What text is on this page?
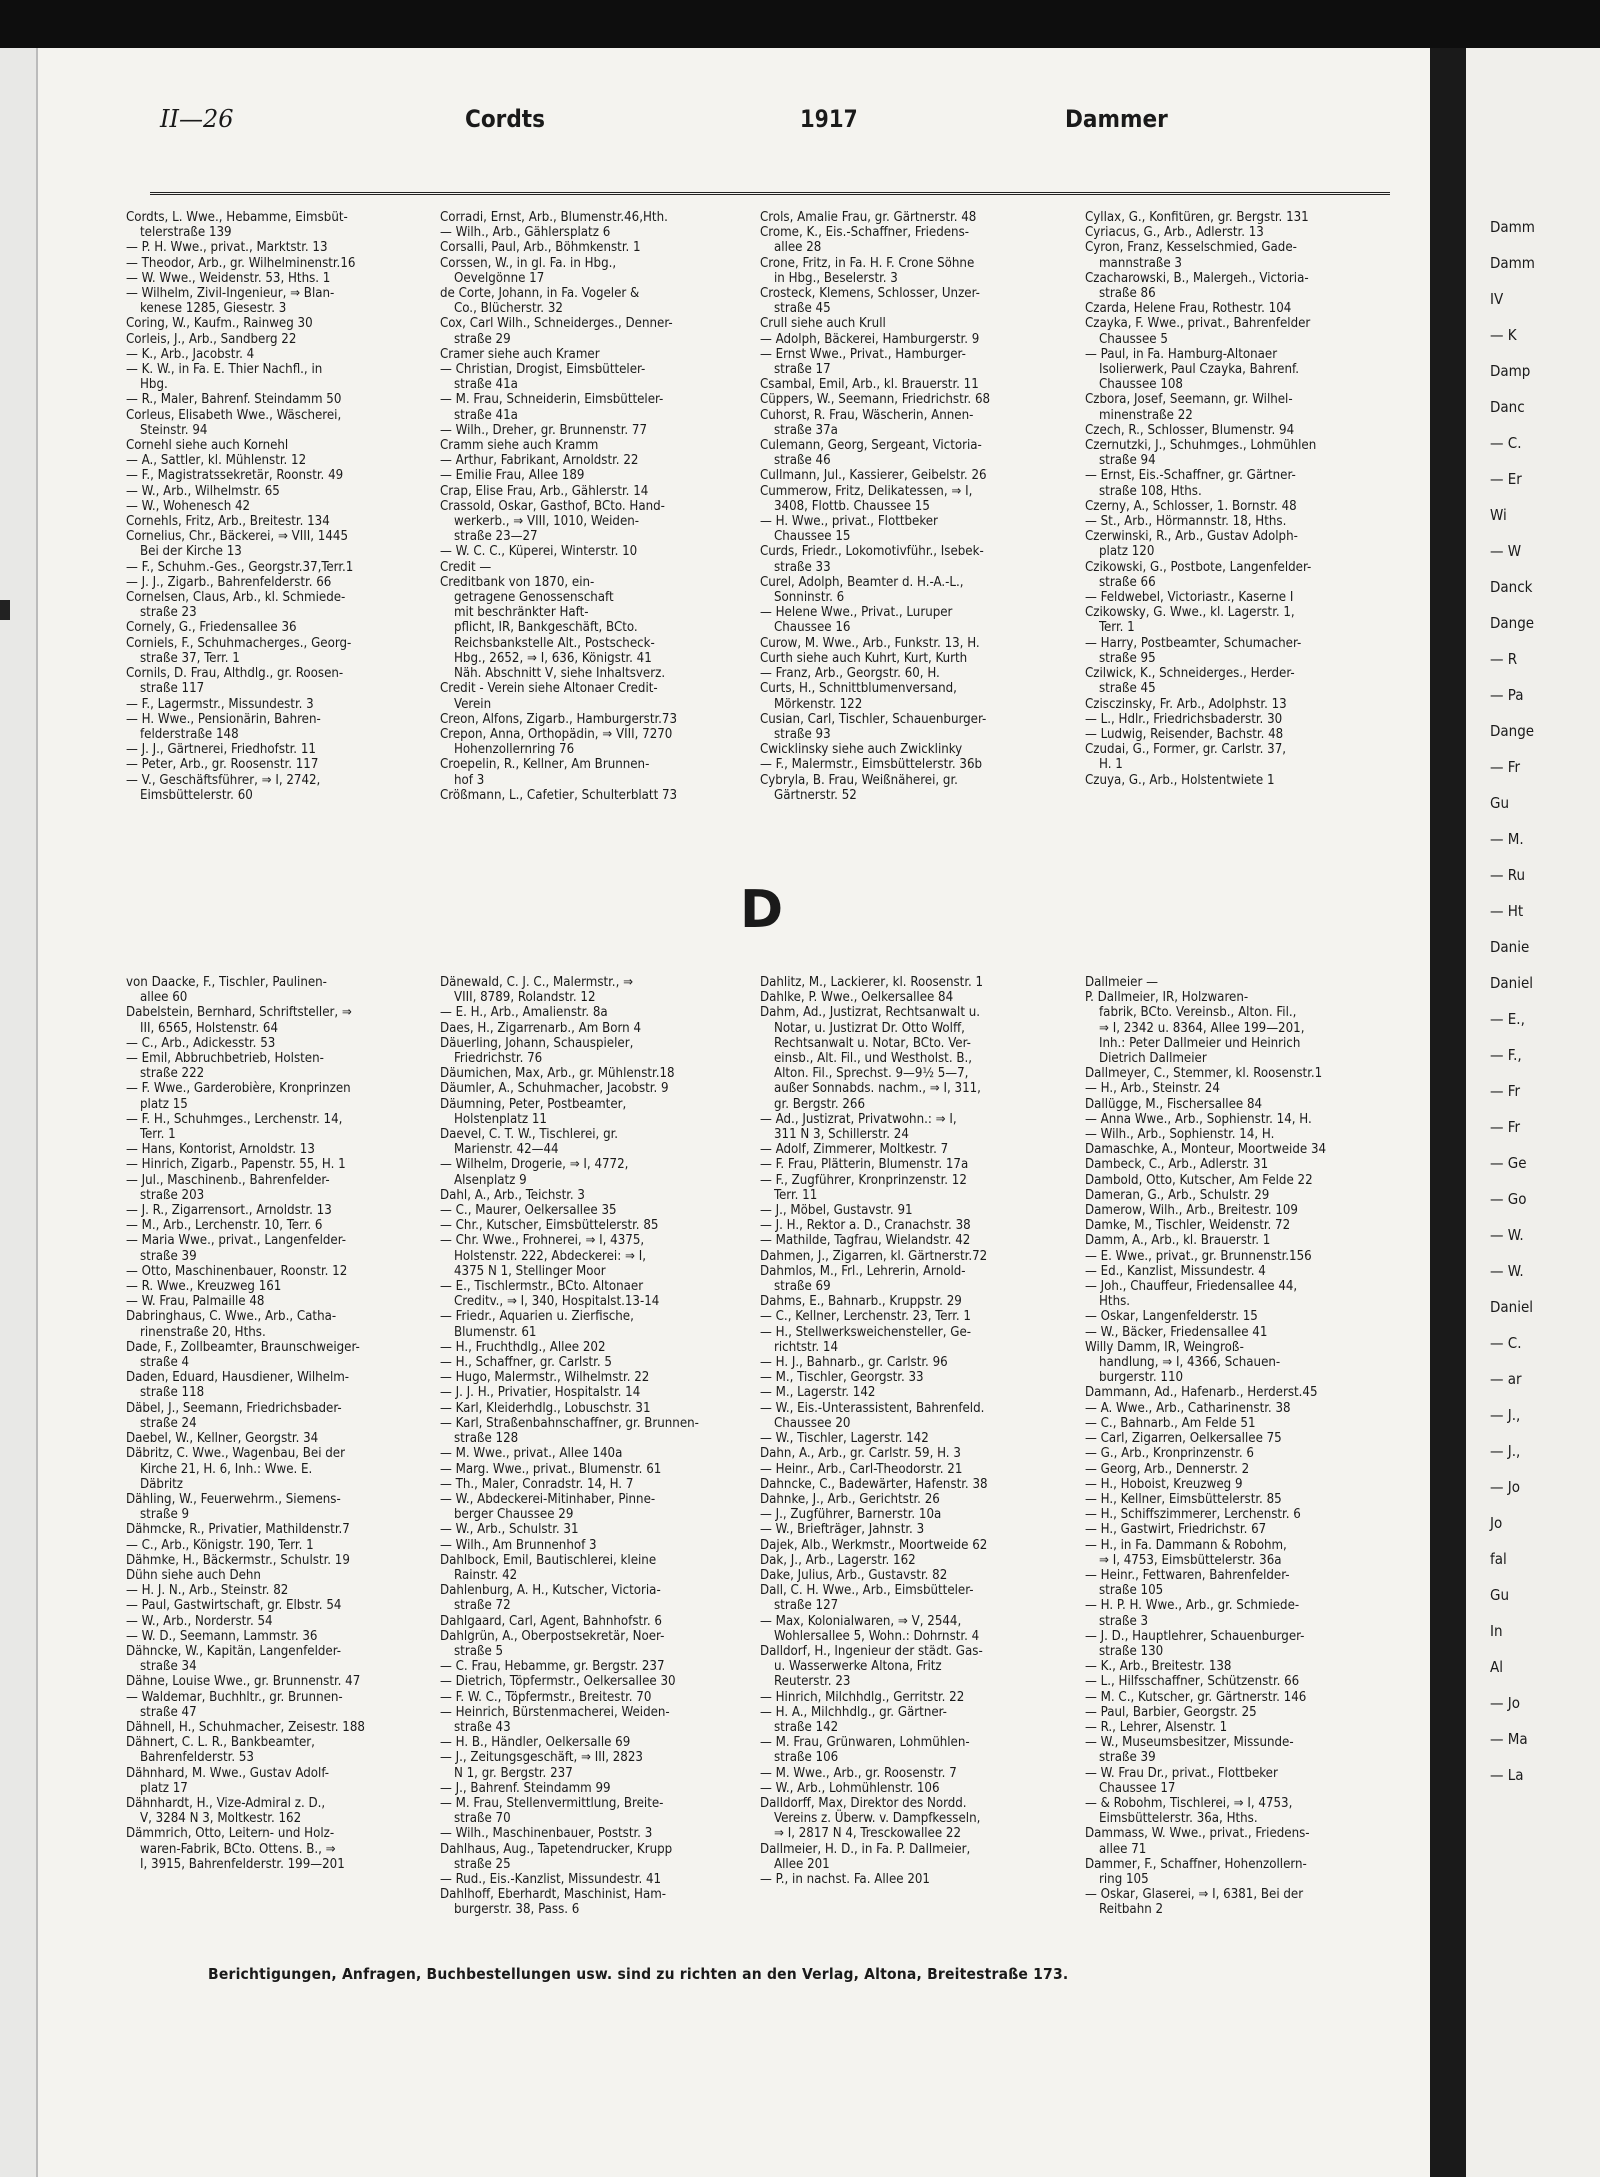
Damm
Damm
IV
— K
Damp
Danc
— C.
— Er
Wi
— W
Danck
Dange
— R
— Pa
Dange
— Fr
Gu
— M.
— Ru
— Ht
Danie
Daniel
— E.,
— F.,
— Fr
— Fr
— Ge
— Go
— W.
— W.
Daniel
— C.
— ar
— J.,
— J.,
— Jo
Jo
fal
Gu
In
Al
— Jo
— Ma
— La
II—26	Cordts	1917	Dammer
Cordts, L. Wwe., Hebamme, Eimsbüt-
telerstraße 139
— P. H. Wwe., privat., Marktstr. 13
— Theodor, Arb., gr. Wilhelminenstr.16
— W. Wwe., Weidenstr. 53, Hths. 1
— Wilhelm, Zivil-Ingenieur, ⇒ Blan-
kenese 1285, Giesestr. 3
Coring, W., Kaufm., Rainweg 30
Corleis, J., Arb., Sandberg 22
— K., Arb., Jacobstr. 4
— K. W., in Fa. E. Thier Nachfl., in
Hbg.
— R., Maler, Bahrenf. Steindamm 50
Corleus, Elisabeth Wwe., Wäscherei,
Steinstr. 94
Cornehl siehe auch Kornehl
— A., Sattler, kl. Mühlenstr. 12
— F., Magistratssekretär, Roonstr. 49
— W., Arb., Wilhelmstr. 65
— W., Wohenesch 42
Cornehls, Fritz, Arb., Breitestr. 134
Cornelius, Chr., Bäckerei, ⇒ VIII, 1445
Bei der Kirche 13
— F., Schuhm.-Ges., Georgstr.37,Terr.1
— J. J., Zigarb., Bahrenfelderstr. 66
Cornelsen, Claus, Arb., kl. Schmiede-
straße 23
Cornely, G., Friedensallee 36
Corniels, F., Schuhmacherges., Georg-
straße 37, Terr. 1
Cornils, D. Frau, Althdlg., gr. Roosen-
straße 117
— F., Lagermstr., Missundestr. 3
— H. Wwe., Pensionärin, Bahren-
felderstraße 148
— J. J., Gärtnerei, Friedhofstr. 11
— Peter, Arb., gr. Roosenstr. 117
— V., Geschäftsführer, ⇒ I, 2742,
Eimsbüttelerstr. 60
Corradi, Ernst, Arb., Blumenstr.46,Hth.
— Wilh., Arb., Gählersplatz 6
Corsalli, Paul, Arb., Böhmkenstr. 1
Corssen, W., in gl. Fa. in Hbg.,
Oevelgönne 17
de Corte, Johann, in Fa. Vogeler &
Co., Blücherstr. 32
Cox, Carl Wilh., Schneiderges., Denner-
straße 29
Cramer siehe auch Kramer
— Christian, Drogist, Eimsbütteler-
straße 41a
— M. Frau, Schneiderin, Eimsbütteler-
straße 41a
— Wilh., Dreher, gr. Brunnenstr. 77
Cramm siehe auch Kramm
— Arthur, Fabrikant, Arnoldstr. 22
— Emilie Frau, Allee 189
Crap, Elise Frau, Arb., Gählerstr. 14
Crassold, Oskar, Gasthof, BCto. Hand-
werkerb., ⇒ VIII, 1010, Weiden-
straße 23—27
— W. C. C., Küperei, Winterstr. 10
Credit —
Creditbank von 1870, ein-
getragene Genossenschaft
mit beschränkter Haft-
pflicht, IR, Bankgeschäft, BCto.
Reichsbankstelle Alt., Postscheck-
Hbg., 2652, ⇒ I, 636, Königstr. 41
Näh. Abschnitt V, siehe Inhaltsverz.
Credit - Verein siehe Altonaer Credit-
Verein
Creon, Alfons, Zigarb., Hamburgerstr.73
Crepon, Anna, Orthopädin, ⇒ VIII, 7270
Hohenzollernring 76
Croepelin, R., Kellner, Am Brunnen-
hof 3
Crößmann, L., Cafetier, Schulterblatt 73
Crols, Amalie Frau, gr. Gärtnerstr. 48
Crome, K., Eis.-Schaffner, Friedens-
allee 28
Crone, Fritz, in Fa. H. F. Crone Söhne
in Hbg., Beselerstr. 3
Crosteck, Klemens, Schlosser, Unzer-
straße 45
Crull siehe auch Krull
— Adolph, Bäckerei, Hamburgerstr. 9
— Ernst Wwe., Privat., Hamburger-
straße 17
Csambal, Emil, Arb., kl. Brauerstr. 11
Cüppers, W., Seemann, Friedrichstr. 68
Cuhorst, R. Frau, Wäscherin, Annen-
straße 37a
Culemann, Georg, Sergeant, Victoria-
straße 46
Cullmann, Jul., Kassierer, Geibelstr. 26
Cummerow, Fritz, Delikatessen, ⇒ I,
3408, Flottb. Chaussee 15
— H. Wwe., privat., Flottbeker
Chaussee 15
Curds, Friedr., Lokomotivführ., Isebek-
straße 33
Curel, Adolph, Beamter d. H.-A.-L.,
Sonninstr. 6
— Helene Wwe., Privat., Luruper
Chaussee 16
Curow, M. Wwe., Arb., Funkstr. 13, H.
Curth siehe auch Kuhrt, Kurt, Kurth
— Franz, Arb., Georgstr. 60, H.
Curts, H., Schnittblumenversand,
Mörkenstr. 122
Cusian, Carl, Tischler, Schauenburger-
straße 93
Cwicklinsky siehe auch Zwicklinky
— F., Malermstr., Eimsbüttelerstr. 36b
Cybryla, B. Frau, Weißnäherei, gr.
Gärtnerstr. 52
Cyllax, G., Konfitüren, gr. Bergstr. 131
Cyriacus, G., Arb., Adlerstr. 13
Cyron, Franz, Kesselschmied, Gade-
mannstraße 3
Czacharowski, B., Malergeh., Victoria-
straße 86
Czarda, Helene Frau, Rothestr. 104
Czayka, F. Wwe., privat., Bahrenfelder
Chaussee 5
— Paul, in Fa. Hamburg-Altonaer
Isolierwerk, Paul Czayka, Bahrenf.
Chaussee 108
Czbora, Josef, Seemann, gr. Wilhel-
minenstraße 22
Czech, R., Schlosser, Blumenstr. 94
Czernutzki, J., Schuhmges., Lohmühlen
straße 94
— Ernst, Eis.-Schaffner, gr. Gärtner-
straße 108, Hths.
Czerny, A., Schlosser, 1. Bornstr. 48
— St., Arb., Hörmannstr. 18, Hths.
Czerwinski, R., Arb., Gustav Adolph-
platz 120
Czikowski, G., Postbote, Langenfelder-
straße 66
— Feldwebel, Victoriastr., Kaserne I
Czikowsky, G. Wwe., kl. Lagerstr. 1,
Terr. 1
— Harry, Postbeamter, Schumacher-
straße 95
Czilwick, K., Schneiderges., Herder-
straße 45
Czisczinsky, Fr. Arb., Adolphstr. 13
— L., Hdlr., Friedrichsbaderstr. 30
— Ludwig, Reisender, Bachstr. 48
Czudai, G., Former, gr. Carlstr. 37,
H. 1
Czuya, G., Arb., Holstentwiete 1
D
von Daacke, F., Tischler, Paulinen-
allee 60
Dabelstein, Bernhard, Schriftsteller, ⇒
III, 6565, Holstenstr. 64
— C., Arb., Adickesstr. 53
— Emil, Abbruchbetrieb, Holsten-
straße 222
— F. Wwe., Garderobière, Kronprinzen
platz 15
— F. H., Schuhmges., Lerchenstr. 14,
Terr. 1
— Hans, Kontorist, Arnoldstr. 13
— Hinrich, Zigarb., Papenstr. 55, H. 1
— Jul., Maschinenb., Bahrenfelder-
straße 203
— J. R., Zigarrensort., Arnoldstr. 13
— M., Arb., Lerchenstr. 10, Terr. 6
— Maria Wwe., privat., Langenfelder-
straße 39
— Otto, Maschinenbauer, Roonstr. 12
— R. Wwe., Kreuzweg 161
— W. Frau, Palmaille 48
Dabringhaus, C. Wwe., Arb., Catha-
rinenstraße 20, Hths.
Dade, F., Zollbeamter, Braunschweiger-
straße 4
Daden, Eduard, Hausdiener, Wilhelm-
straße 118
Däbel, J., Seemann, Friedrichsbader-
straße 24
Daebel, W., Kellner, Georgstr. 34
Däbritz, C. Wwe., Wagenbau, Bei der
Kirche 21, H. 6, Inh.: Wwe. E.
Däbritz
Dähling, W., Feuerwehrm., Siemens-
straße 9
Dähmcke, R., Privatier, Mathildenstr.7
— C., Arb., Königstr. 190, Terr. 1
Dähmke, H., Bäckermstr., Schulstr. 19
Dühn siehe auch Dehn
— H. J. N., Arb., Steinstr. 82
— Paul, Gastwirtschaft, gr. Elbstr. 54
— W., Arb., Norderstr. 54
— W. D., Seemann, Lammstr. 36
Dähncke, W., Kapitän, Langenfelder-
straße 34
Dähne, Louise Wwe., gr. Brunnenstr. 47
— Waldemar, Buchhltr., gr. Brunnen-
straße 47
Dähnell, H., Schuhmacher, Zeisestr. 188
Dähnert, C. L. R., Bankbeamter,
Bahrenfelderstr. 53
Dähnhard, M. Wwe., Gustav Adolf-
platz 17
Dähnhardt, H., Vize-Admiral z. D.,
V, 3284 N 3, Moltkestr. 162
Dämmrich, Otto, Leitern- und Holz-
waren-Fabrik, BCto. Ottens. B., ⇒
I, 3915, Bahrenfelderstr. 199—201
Dänewald, C. J. C., Malermstr., ⇒
VIII, 8789, Rolandstr. 12
— E. H., Arb., Amalienstr. 8a
Daes, H., Zigarrenarb., Am Born 4
Däuerling, Johann, Schauspieler,
Friedrichstr. 76
Däumichen, Max, Arb., gr. Mühlenstr.18
Däumler, A., Schuhmacher, Jacobstr. 9
Däumning, Peter, Postbeamter,
Holstenplatz 11
Daevel, C. T. W., Tischlerei, gr.
Marienstr. 42—44
— Wilhelm, Drogerie, ⇒ I, 4772,
Alsenplatz 9
Dahl, A., Arb., Teichstr. 3
— C., Maurer, Oelkersallee 35
— Chr., Kutscher, Eimsbüttelerstr. 85
— Chr. Wwe., Frohnerei, ⇒ I, 4375,
Holstenstr. 222, Abdeckerei: ⇒ I,
4375 N 1, Stellinger Moor
— E., Tischlermstr., BCto. Altonaer
Creditv., ⇒ I, 340, Hospitalst.13-14
— Friedr., Aquarien u. Zierfische,
Blumenstr. 61
— H., Fruchthdlg., Allee 202
— H., Schaffner, gr. Carlstr. 5
— Hugo, Malermstr., Wilhelmstr. 22
— J. J. H., Privatier, Hospitalstr. 14
— Karl, Kleiderhdlg., Lobuschstr. 31
— Karl, Straßenbahnschaffner, gr. Brunnen-
straße 128
— M. Wwe., privat., Allee 140a
— Marg. Wwe., privat., Blumenstr. 61
— Th., Maler, Conradstr. 14, H. 7
— W., Abdeckerei-Mitinhaber, Pinne-
berger Chaussee 29
— W., Arb., Schulstr. 31
— Wilh., Am Brunnenhof 3
Dahlbock, Emil, Bautischlerei, kleine
Rainstr. 42
Dahlenburg, A. H., Kutscher, Victoria-
straße 72
Dahlgaard, Carl, Agent, Bahnhofstr. 6
Dahlgrün, A., Oberpostsekretär, Noer-
straße 5
— C. Frau, Hebamme, gr. Bergstr. 237
— Dietrich, Töpfermstr., Oelkersallee 30
— F. W. C., Töpfermstr., Breitestr. 70
— Heinrich, Bürstenmacherei, Weiden-
straße 43
— H. B., Händler, Oelkersalle 69
— J., Zeitungsgeschäft, ⇒ III, 2823
N 1, gr. Bergstr. 237
— J., Bahrenf. Steindamm 99
— M. Frau, Stellenvermittlung, Breite-
straße 70
— Wilh., Maschinenbauer, Poststr. 3
Dahlhaus, Aug., Tapetendrucker, Krupp
straße 25
— Rud., Eis.-Kanzlist, Missundestr. 41
Dahlhoff, Eberhardt, Maschinist, Ham-
burgerstr. 38, Pass. 6
Dahlitz, M., Lackierer, kl. Roosenstr. 1
Dahlke, P. Wwe., Oelkersallee 84
Dahm, Ad., Justizrat, Rechtsanwalt u.
Notar, u. Justizrat Dr. Otto Wolff,
Rechtsanwalt u. Notar, BCto. Ver-
einsb., Alt. Fil., und Westholst. B.,
Alton. Fil., Sprechst. 9—9½ 5—7,
außer Sonnabds. nachm., ⇒ I, 311,
gr. Bergstr. 266
— Ad., Justizrat, Privatwohn.: ⇒ I,
311 N 3, Schillerstr. 24
— Adolf, Zimmerer, Moltkestr. 7
— F. Frau, Plätterin, Blumenstr. 17a
— F., Zugführer, Kronprinzenstr. 12
Terr. 11
— J., Möbel, Gustavstr. 91
— J. H., Rektor a. D., Cranachstr. 38
— Mathilde, Tagfrau, Wielandstr. 42
Dahmen, J., Zigarren, kl. Gärtnerstr.72
Dahmlos, M., Frl., Lehrerin, Arnold-
straße 69
Dahms, E., Bahnarb., Kruppstr. 29
— C., Kellner, Lerchenstr. 23, Terr. 1
— H., Stellwerksweichensteller, Ge-
richtstr. 14
— H. J., Bahnarb., gr. Carlstr. 96
— M., Tischler, Georgstr. 33
— M., Lagerstr. 142
— W., Eis.-Unterassistent, Bahrenfeld.
Chaussee 20
— W., Tischler, Lagerstr. 142
Dahn, A., Arb., gr. Carlstr. 59, H. 3
— Heinr., Arb., Carl-Theodorstr. 21
Dahncke, C., Badewärter, Hafenstr. 38
Dahnke, J., Arb., Gerichtstr. 26
— J., Zugführer, Barnerstr. 10a
— W., Briefträger, Jahnstr. 3
Dajek, Alb., Werkmstr., Moortweide 62
Dak, J., Arb., Lagerstr. 162
Dake, Julius, Arb., Gustavstr. 82
Dall, C. H. Wwe., Arb., Eimsbütteler-
straße 127
— Max, Kolonialwaren, ⇒ V, 2544,
Wohlersallee 5, Wohn.: Dohrnstr. 4
Dalldorf, H., Ingenieur der städt. Gas-
u. Wasserwerke Altona, Fritz
Reuterstr. 23
— Hinrich, Milchhdlg., Gerritstr. 22
— H. A., Milchhdlg., gr. Gärtner-
straße 142
— M. Frau, Grünwaren, Lohmühlen-
straße 106
— M. Wwe., Arb., gr. Roosenstr. 7
— W., Arb., Lohmühlenstr. 106
Dalldorff, Max, Direktor des Nordd.
Vereins z. Überw. v. Dampfkesseln,
⇒ I, 2817 N 4, Tresckowallee 22
Dallmeier, H. D., in Fa. P. Dallmeier,
Allee 201
— P., in nachst. Fa. Allee 201
Dallmeier —
P. Dallmeier, IR, Holzwaren-
fabrik, BCto. Vereinsb., Alton. Fil.,
⇒ I, 2342 u. 8364, Allee 199—201,
Inh.: Peter Dallmeier und Heinrich
Dietrich Dallmeier
Dallmeyer, C., Stemmer, kl. Roosenstr.1
— H., Arb., Steinstr. 24
Dallügge, M., Fischersallee 84
— Anna Wwe., Arb., Sophienstr. 14, H.
— Wilh., Arb., Sophienstr. 14, H.
Damaschke, A., Monteur, Moortweide 34
Dambeck, C., Arb., Adlerstr. 31
Dambold, Otto, Kutscher, Am Felde 22
Dameran, G., Arb., Schulstr. 29
Damerow, Wilh., Arb., Breitestr. 109
Damke, M., Tischler, Weidenstr. 72
Damm, A., Arb., kl. Brauerstr. 1
— E. Wwe., privat., gr. Brunnenstr.156
— Ed., Kanzlist, Missundestr. 4
— Joh., Chauffeur, Friedensallee 44,
Hths.
— Oskar, Langenfelderstr. 15
— W., Bäcker, Friedensallee 41
Willy Damm, IR, Weingroß-
handlung, ⇒ I, 4366, Schauen-
burgerstr. 110
Dammann, Ad., Hafenarb., Herderst.45
— A. Wwe., Arb., Catharinenstr. 38
— C., Bahnarb., Am Felde 51
— Carl, Zigarren, Oelkersallee 75
— G., Arb., Kronprinzenstr. 6
— Georg, Arb., Dennerstr. 2
— H., Hoboist, Kreuzweg 9
— H., Kellner, Eimsbüttelerstr. 85
— H., Schiffszimmerer, Lerchenstr. 6
— H., Gastwirt, Friedrichstr. 67
— H., in Fa. Dammann & Robohm,
⇒ I, 4753, Eimsbüttelerstr. 36a
— Heinr., Fettwaren, Bahrenfelder-
straße 105
— H. P. H. Wwe., Arb., gr. Schmiede-
straße 3
— J. D., Hauptlehrer, Schauenburger-
straße 130
— K., Arb., Breitestr. 138
— L., Hilfsschaffner, Schützenstr. 66
— M. C., Kutscher, gr. Gärtnerstr. 146
— Paul, Barbier, Georgstr. 25
— R., Lehrer, Alsenstr. 1
— W., Museumsbesitzer, Missunde-
straße 39
— W. Frau Dr., privat., Flottbeker
Chaussee 17
— & Robohm, Tischlerei, ⇒ I, 4753,
Eimsbüttelerstr. 36a, Hths.
Dammass, W. Wwe., privat., Friedens-
allee 71
Dammer, F., Schaffner, Hohenzollern-
ring 105
— Oskar, Glaserei, ⇒ I, 6381, Bei der
Reitbahn 2
Berichtigungen, Anfragen, Buchbestellungen usw. sind zu richten an den Verlag, Altona, Breitestraße 173.
